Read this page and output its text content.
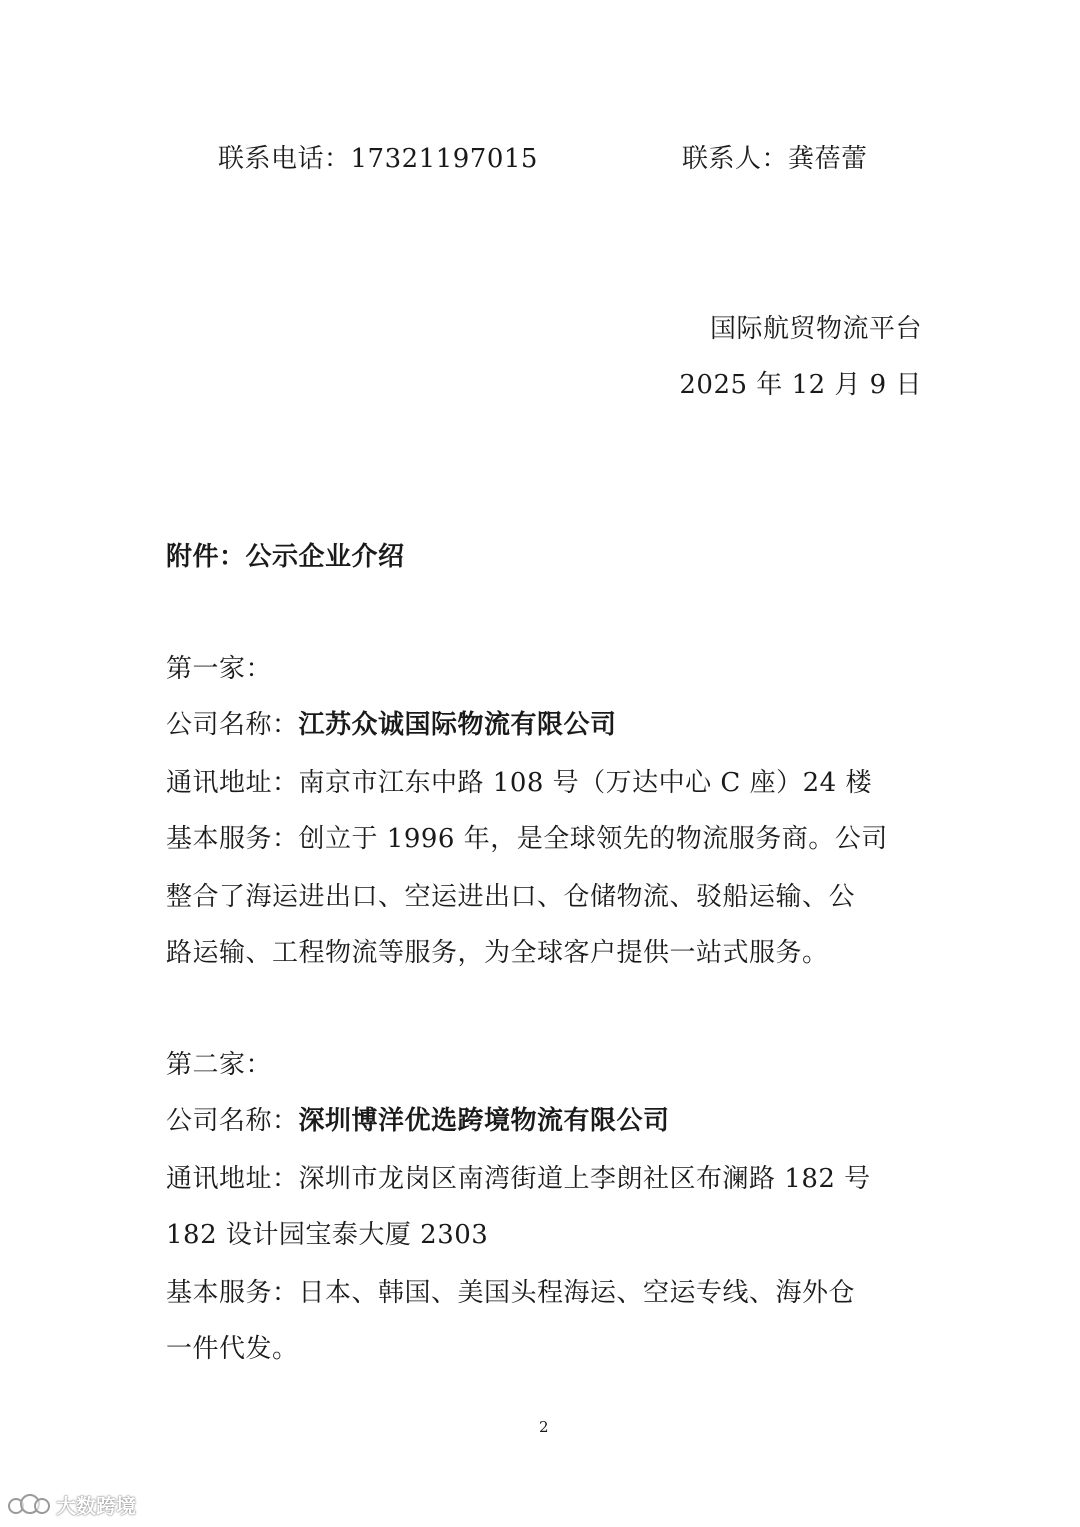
联系电话：17321197015	联系人：龚蓓蕾
国际航贸物流平台
2025 年 12 月 9 日
附件：公示企业介绍
第一家：
公司名称：江苏众诚国际物流有限公司
通讯地址：南京市江东中路 108 号（万达中心 C 座）24 楼
基本服务：创立于 1996 年，是全球领先的物流服务商。公司
整合了海运进出口、空运进出口、仓储物流、驳船运输、公
路运输、工程物流等服务，为全球客户提供一站式服务。
第二家：
公司名称：深圳博洋优选跨境物流有限公司
通讯地址：深圳市龙岗区南湾街道上李朗社区布澜路 182 号
182 设计园宝泰大厦 2303
基本服务：日本、韩国、美国头程海运、空运专线、海外仓
一件代发。
2
大数跨境
